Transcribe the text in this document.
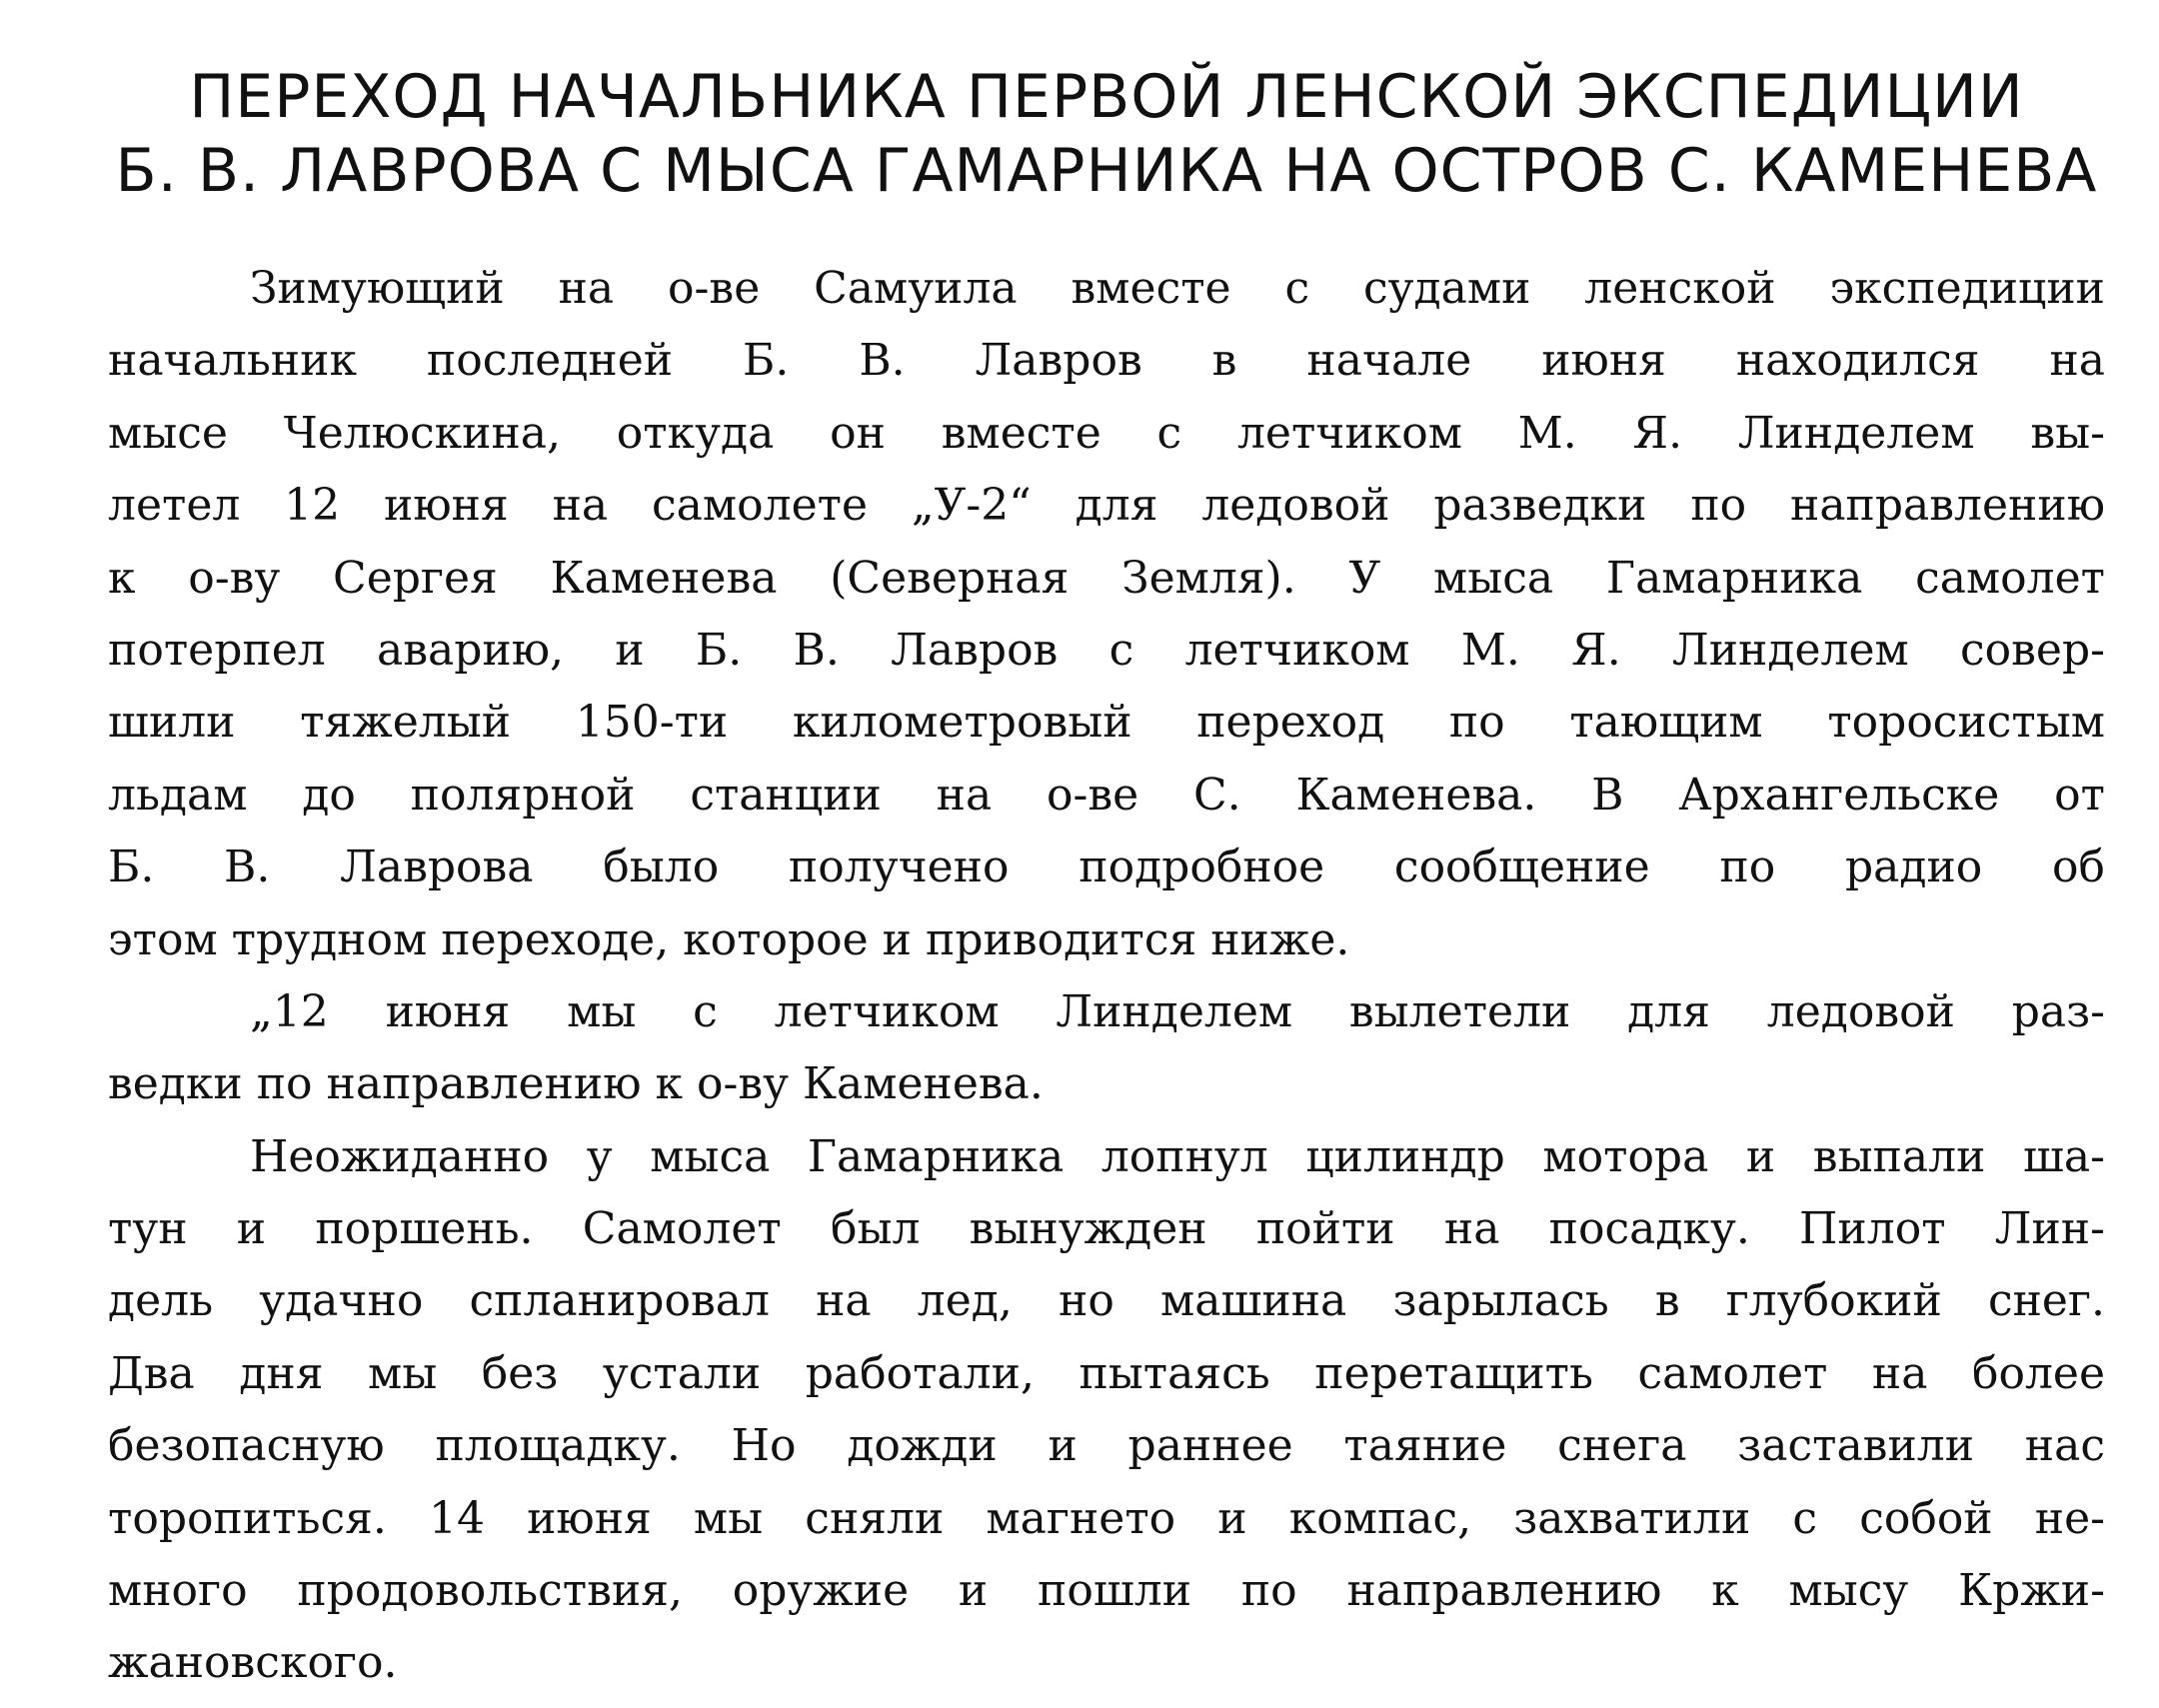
ПЕРЕХОД НАЧАЛЬНИКА ПЕРВОЙ ЛЕНСКОЙ ЭКСПЕДИЦИИ
Б. В. ЛАВРОВА С МЫСА ГАМАРНИКА НА ОСТРОВ С. КАМЕНЕВА
Зимующий на о-ве Самуила вместе с судами ленской экспедиции
начальник последней Б. В. Лавров в начале июня находился на
мысе Челюскина, откуда он вместе с летчиком М. Я. Линделем вы-
летел 12 июня на самолете „У-2“ для ледовой разведки по направлению
к о-ву Сергея Каменева (Северная Земля). У мыса Гамарника самолет
потерпел аварию, и Б. В. Лавров с летчиком М. Я. Линделем совер-
шили тяжелый 150-ти километровый переход по тающим торосистым
льдам до полярной станции на о-ве С. Каменева. В Архангельске от
Б. В. Лаврова было получено подробное сообщение по радио об
этом трудном переходе, которое и приводится ниже.
„12 июня мы с летчиком Линделем вылетели для ледовой раз-
ведки по направлению к о-ву Каменева.
Неожиданно у мыса Гамарника лопнул цилиндр мотора и выпали ша-
тун и поршень. Самолет был вынужден пойти на посадку. Пилот Лин-
дель удачно спланировал на лед, но машина зарылась в глубокий снег.
Два дня мы без устали работали, пытаясь перетащить самолет на более
безопасную площадку. Но дожди и раннее таяние снега заставили нас
торопиться. 14 июня мы сняли магнето и компас, захватили с собой не-
много продовольствия, оружие и пошли по направлению к мысу Кржи-
жановского.
